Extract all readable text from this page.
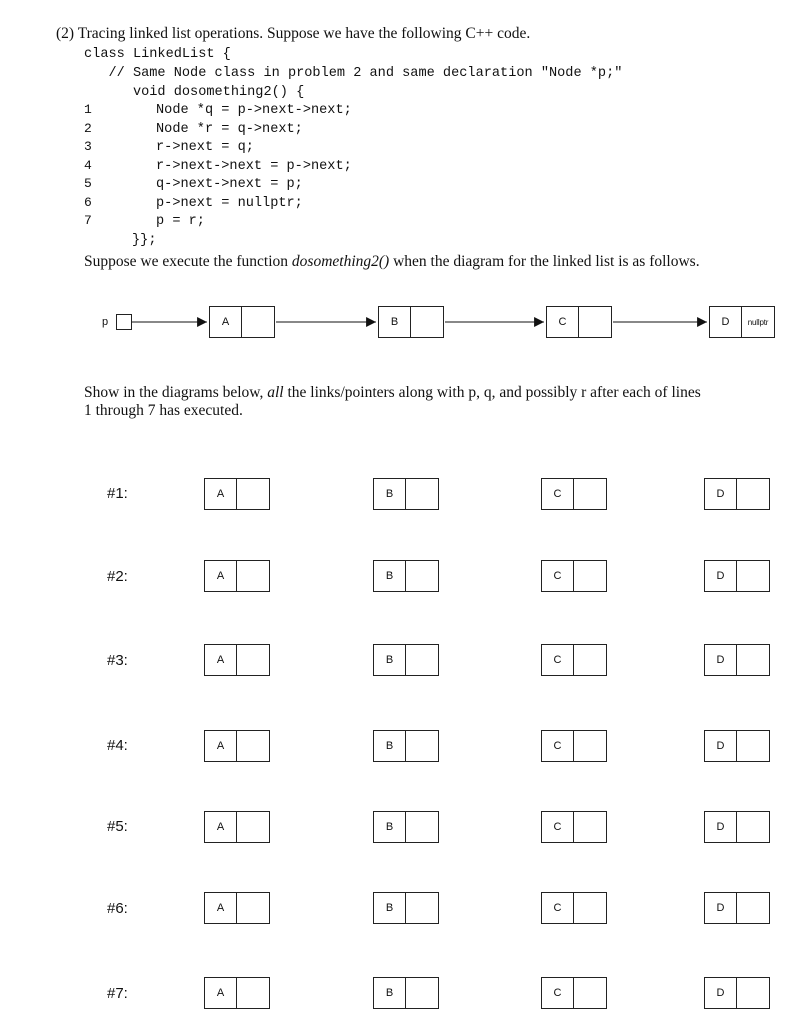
(2) Tracing linked list operations. Suppose we have the following C++ code.
class LinkedList {
// Same Node class in problem 2 and same declaration "Node *p;"
void dosomething2() {
1	Node *q = p->next->next;
2	Node *r = q->next;
3	r->next = q;
4	r->next->next = p->next;
5	q->next->next = p;
6	p->next = nullptr;
7	p = r;
}};
Suppose we execute the function dosomething2() when the diagram for the linked list is as follows.
p	A	B	C	D	nullptr
Show in the diagrams below, all the links/pointers along with p, q, and possibly r after each of lines
1 through 7 has executed.
#1:	A	B	C	D
#2:	A	B	C	D
#3:	A	B	C	D
#4:	A	B	C	D
#5:	A	B	C	D
#6:	A	B	C	D
#7:	A	B	C	D
